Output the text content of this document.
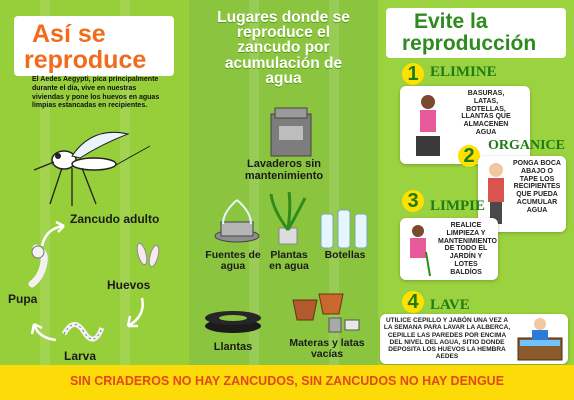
Así se
reproduce
El Aedes Aegypti, pica principalmente durante el día, vive en nuestras viviendas y pone los huevos en aguas limpias estancadas en recipientes.
Zancudo adulto
Huevos
Larva
Pupa
Lugares donde se reproduce el zancudo por acumulación de agua
Lavaderos sin mantenimiento
Fuentes de agua
Plantas en agua
Botellas
Llantas	Materas y latas vacías
Evite la
reproducción
1 ELIMINE
BASURAS, LATAS, BOTELLAS, LLANTAS QUE ALMACENEN AGUA
2 ORGANICE
PONGA BOCA ABAJO O TAPE LOS RECIPIENTES QUE PUEDA ACUMULAR AGUA
3 LIMPIE
REALICE LIMPIEZA Y MANTENIMIENTO DE TODO EL JARDÍN Y LOTES BALDÍOS
4 LAVE
UTILICE CEPILLO Y JABÓN UNA VEZ A LA SEMANA PARA LAVAR LA ALBERCA, CEPILLE LAS PAREDES POR ENCIMA DEL NIVEL DEL AGUA, SITIO DONDE DEPOSITA LOS HUEVOS LA HEMBRA AEDES
SIN CRIADEROS NO HAY ZANCUDOS, SIN ZANCUDOS NO HAY DENGUE
